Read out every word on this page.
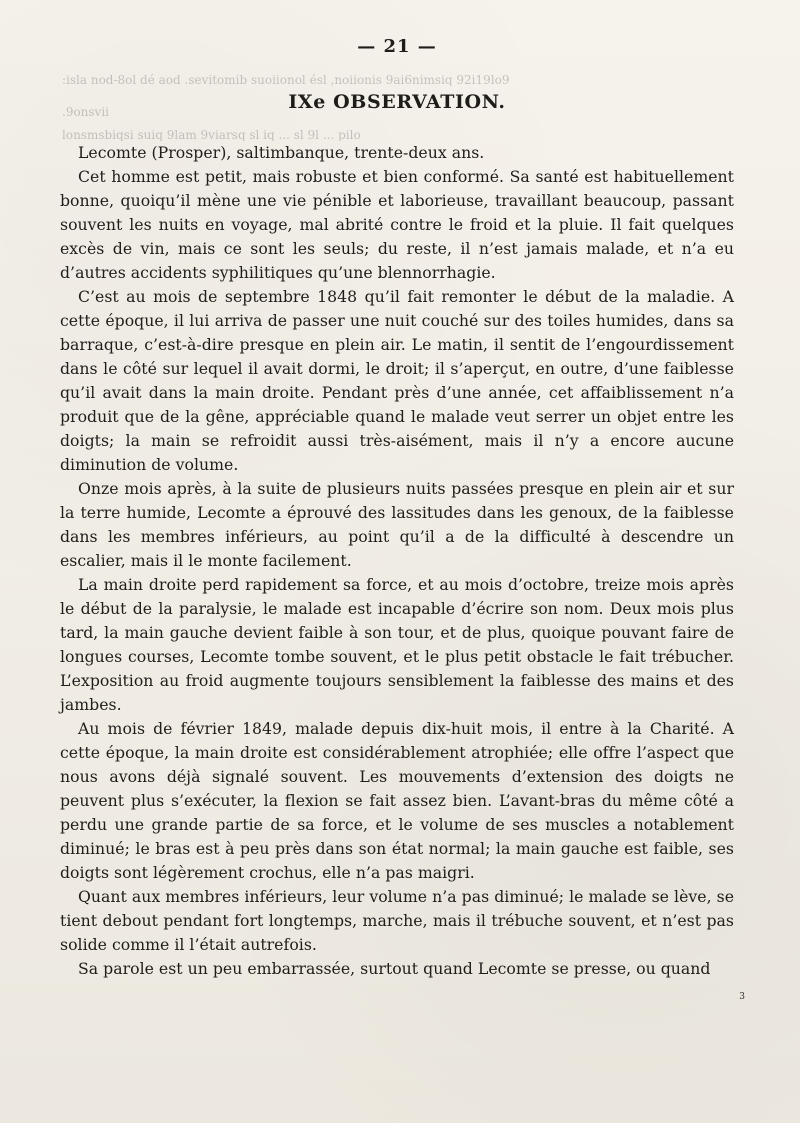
— 21 —
:isla nod-8ol dé aod .sevitomib suoiionol ésl ,noiionis 9ai6nimsiq 92i19lo9
IXe OBSERVATION.
.9onsvii
lonsmsbiqsi suiq 9lam 9viarsq sl iq ... sl 9l ... pilo

Lecomte (Prosper), saltimbanque, trente-deux ans.

Cet homme est petit, mais robuste et bien conformé. Sa santé est habituellement bonne, quoiqu’il mène une vie pénible et laborieuse, travaillant beaucoup, passant souvent les nuits en voyage, mal abrité contre le froid et la pluie. Il fait quelques excès de vin, mais ce sont les seuls; du reste, il n’est jamais malade, et n’a eu d’autres accidents syphilitiques qu’une blennorrhagie.

C’est au mois de septembre 1848 qu’il fait remonter le début de la maladie. A cette époque, il lui arriva de passer une nuit couché sur des toiles humides, dans sa barraque, c’est-à-dire presque en plein air. Le matin, il sentit de l’engourdissement dans le côté sur lequel il avait dormi, le droit; il s’aperçut, en outre, d’une faiblesse qu’il avait dans la main droite. Pendant près d’une année, cet affaiblissement n’a produit que de la gêne, appréciable quand le malade veut serrer un objet entre les doigts; la main se refroidit aussi très-aisément, mais il n’y a encore aucune diminution de volume.

Onze mois après, à la suite de plusieurs nuits passées presque en plein air et sur la terre humide, Lecomte a éprouvé des lassitudes dans les genoux, de la faiblesse dans les membres inférieurs, au point qu’il a de la difficulté à descendre un escalier, mais il le monte facilement.

La main droite perd rapidement sa force, et au mois d’octobre, treize mois après le début de la paralysie, le malade est incapable d’écrire son nom. Deux mois plus tard, la main gauche devient faible à son tour, et de plus, quoique pouvant faire de longues courses, Lecomte tombe souvent, et le plus petit obstacle le fait trébucher. L’exposition au froid augmente toujours sensiblement la faiblesse des mains et des jambes.

Au mois de février 1849, malade depuis dix-huit mois, il entre à la Charité. A cette époque, la main droite est considérablement atrophiée; elle offre l’aspect que nous avons déjà signalé souvent. Les mouvements d’extension des doigts ne peuvent plus s’exécuter, la flexion se fait assez bien. L’avant-bras du même côté a perdu une grande partie de sa force, et le volume de ses muscles a notablement diminué; le bras est à peu près dans son état normal; la main gauche est faible, ses doigts sont légèrement crochus, elle n’a pas maigri.

Quant aux membres inférieurs, leur volume n’a pas diminué; le malade se lève, se tient debout pendant fort longtemps, marche, mais il trébuche souvent, et n’est pas solide comme il l’était autrefois.

Sa parole est un peu embarrassée, surtout quand Lecomte se presse, ou quand

3
